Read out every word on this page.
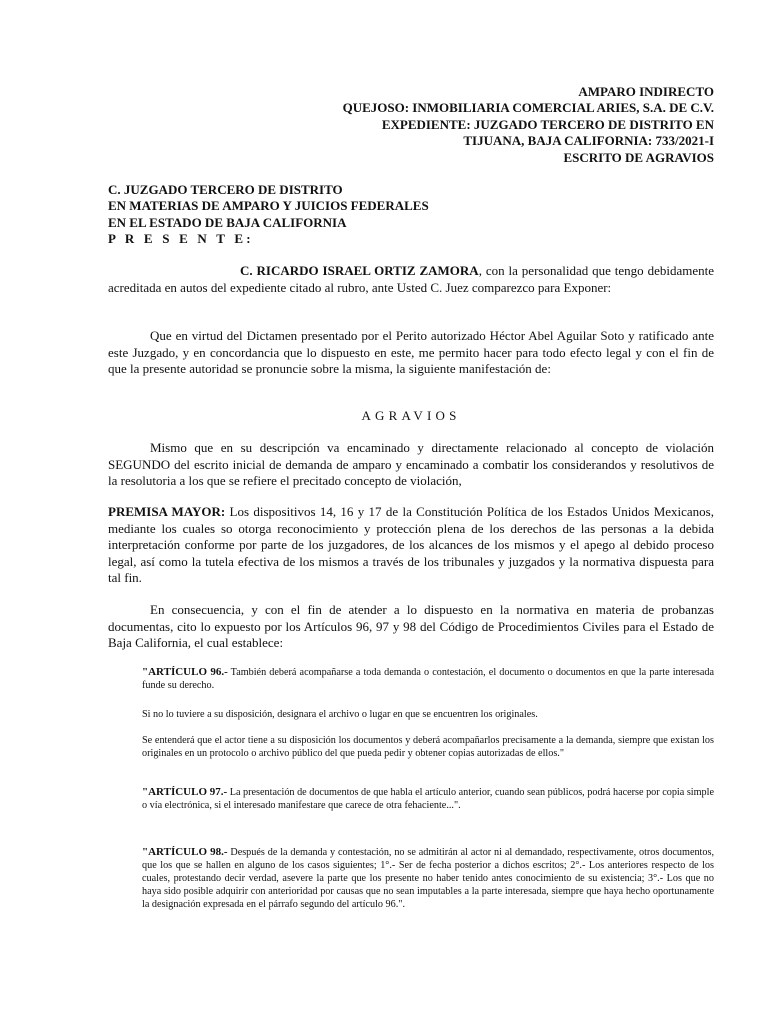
AMPARO INDIRECTO
QUEJOSO: INMOBILIARIA COMERCIAL ARIES, S.A. DE C.V.
EXPEDIENTE: JUZGADO TERCERO DE DISTRITO EN
TIJUANA, BAJA CALIFORNIA: 733/2021-I
ESCRITO DE AGRAVIOS
C. JUZGADO TERCERO DE DISTRITO
EN MATERIAS DE AMPARO Y JUICIOS FEDERALES
EN EL ESTADO DE BAJA CALIFORNIA
P R E S E N T E:

C. RICARDO ISRAEL ORTIZ ZAMORA, con la personalidad que tengo debidamente acreditada en autos del expediente citado al rubro, ante Usted C. Juez comparezco para Exponer:

Que en virtud del Dictamen presentado por el Perito autorizado Héctor Abel Aguilar Soto y ratificado ante este Juzgado, y en concordancia que lo dispuesto en este, me permito hacer para todo efecto legal y con el fin de que la presente autoridad se pronuncie sobre la misma, la siguiente manifestación de:

AGRAVIOS

Mismo que en su descripción va encaminado y directamente relacionado al concepto de violación SEGUNDO del escrito inicial de demanda de amparo y encaminado a combatir los considerandos y resolutivos de la resolutoria a los que se refiere el precitado concepto de violación,

PREMISA MAYOR: Los dispositivos 14, 16 y 17 de la Constitución Política de los Estados Unidos Mexicanos, mediante los cuales so otorga reconocimiento y protección plena de los derechos de las personas a la debida interpretación conforme por parte de los juzgadores, de los alcances de los mismos y el apego al debido proceso legal, así como la tutela efectiva de los mismos a través de los tribunales y juzgados y la normativa dispuesta para tal fin.

En consecuencia, y con el fin de atender a lo dispuesto en la normativa en materia de probanzas documentas, cito lo expuesto por los Artículos 96, 97 y 98 del Código de Procedimientos Civiles para el Estado de Baja California, el cual establece:

"ARTÍCULO 96.- También deberá acompañarse a toda demanda o contestación, el documento o documentos en que la parte interesada funde su derecho.

Si no lo tuviere a su disposición, designara el archivo o lugar en que se encuentren los originales.

Se entenderá que el actor tiene a su disposición los documentos y deberá acompañarlos precisamente a la demanda, siempre que existan los originales en un protocolo o archivo público del que pueda pedir y obtener copias autorizadas de ellos."

"ARTÍCULO 97.- La presentación de documentos de que habla el artículo anterior, cuando sean públicos, podrá hacerse por copia simple o vía electrónica, si el interesado manifestare que carece de otra fehaciente...".

"ARTÍCULO 98.- Después de la demanda y contestación, no se admitirán al actor ni al demandado, respectivamente, otros documentos, que los que se hallen en alguno de los casos siguientes; 1°.- Ser de fecha posterior a dichos escritos; 2°.- Los anteriores respecto de los cuales, protestando decir verdad, asevere la parte que los presente no haber tenido antes conocimiento de su existencia; 3°.- Los que no haya sido posible adquirir con anterioridad por causas que no sean imputables a la parte interesada, siempre que haya hecho oportunamente la designación expresada en el párrafo segundo del artículo 96.".
